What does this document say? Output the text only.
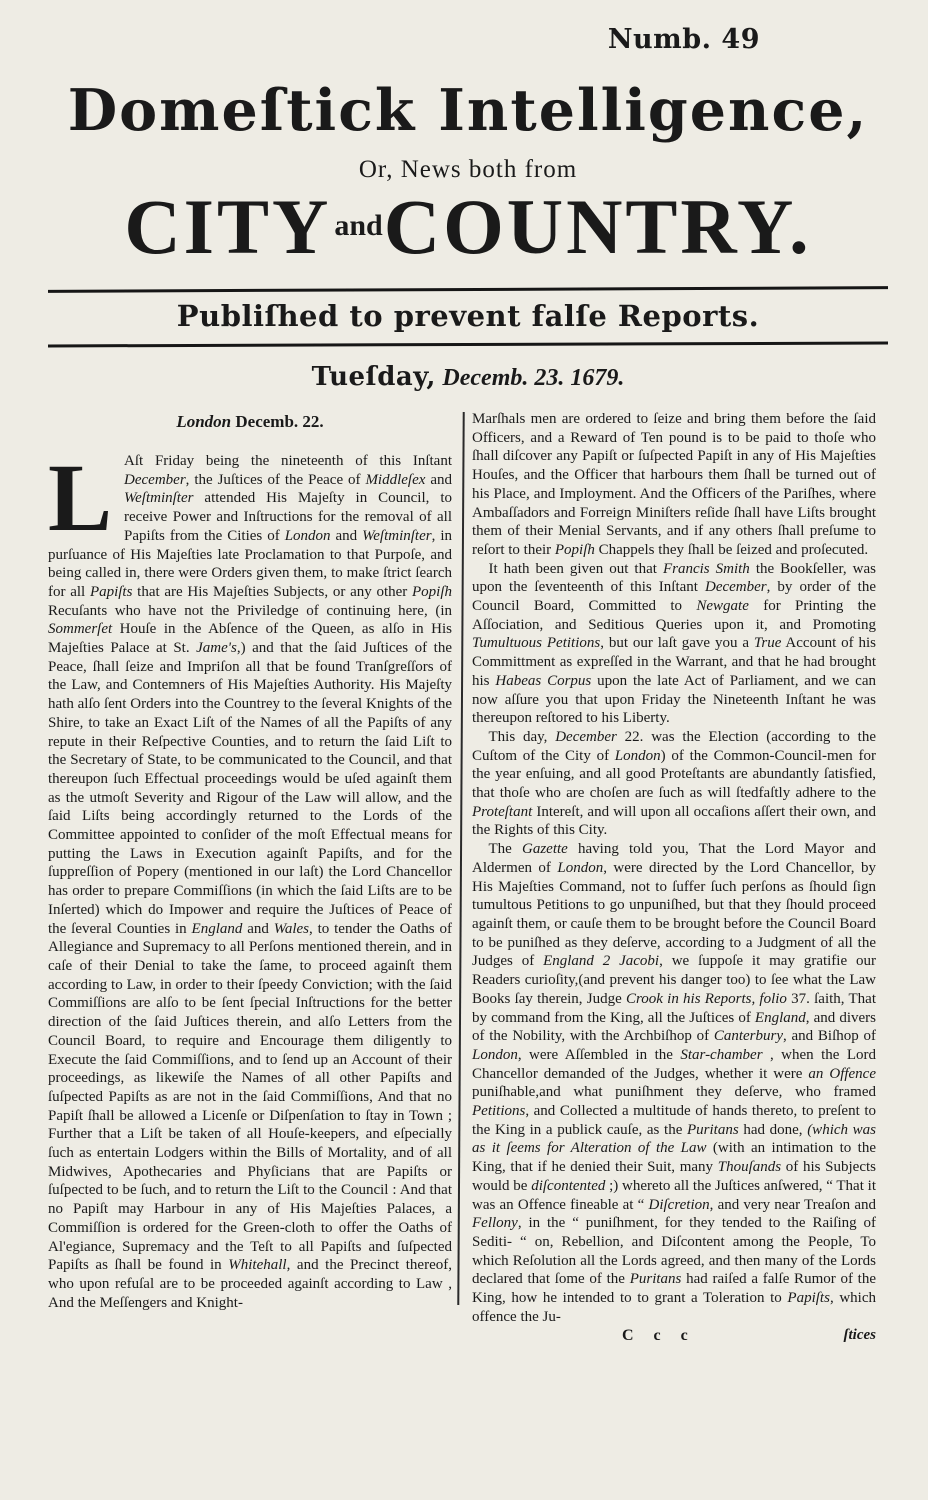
Numb. 49
Domeſtick Intelligence,
Or, News both from
CITY $^{and}$COUNTRY.
Publiſhed to prevent falſe Reports.
Tueſday, Decemb. 23. 1679.
London Decemb. 22.

L Aſt Friday being the nineteenth of this Inſtant December, the Juſtices of the Peace of Middleſex and Weſtminſter attended His Majeſty in Council, to receive Power and Inſtructions for the removal of all Papiſts from the Cities of London and Weſtminſter, in purſuance of His Majeſties late Proclamation to that Purpoſe, and being called in, there were Orders given them, to make ſtrict ſearch for all Papiſts that are His Majeſties Subjects, or any other Popiſh Recuſants who have not the Priviledge of continuing here, (in Sommerſet Houſe in the Abſence of the Queen, as alſo in His Majeſties Palace at St. Jame's,) and that the ſaid Juſtices of the Peace, ſhall ſeize and Impriſon all that be found Tranſgreſſors of the Law, and Contemners of His Majeſties Authority. His Majeſty hath alſo ſent Orders into the Countrey to the ſeveral Knights of the Shire, to take an Exact Liſt of the Names of all the Papiſts of any repute in their Reſpective Counties, and to return the ſaid Liſt to the Secretary of State, to be communicated to the Council, and that thereupon ſuch Effectual proceedings would be uſed againſt them as the utmoſt Severity and Rigour of the Law will allow, and the ſaid Liſts being accordingly returned to the Lords of the Committee appointed to conſider of the moſt Effectual means for putting the Laws in Execution againſt Papiſts, and for the ſuppreſſion of Popery (mentioned in our laſt) the Lord Chancellor has order to prepare Commiſſions (in which the ſaid Liſts are to be Inſerted) which do Impower and require the Juſtices of Peace of the ſeveral Counties in England and Wales, to tender the Oaths of Allegiance and Supremacy to all Perſons mentioned therein, and in caſe of their Denial to take the ſame, to proceed againſt them according to Law, in order to their ſpeedy Conviction; with the ſaid Commiſſions are alſo to be ſent ſpecial Inſtructions for the better direction of the ſaid Juſtices therein, and alſo Letters from the Council Board, to require and Encourage them diligently to Execute the ſaid Commiſſions, and to ſend up an Account of their proceedings, as likewiſe the Names of all other Papiſts and ſuſpected Papiſts as are not in the ſaid Commiſſions, And that no Papiſt ſhall be allowed a Licenſe or Diſpenſation to ſtay in Town ; Further that a Liſt be taken of all Houſe-keepers, and eſpecially ſuch as entertain Lodgers within the Bills of Mortality, and of all Midwives, Apothecaries and Phyſicians that are Papiſts or ſuſpected to be ſuch, and to return the Liſt to the Council : And that no Papiſt may Harbour in any of His Majeſties Palaces, a Commiſſion is ordered for the Green-cloth to offer the Oaths of Al'egiance, Supremacy and the Teſt to all Papiſts and ſuſpected Papiſts as ſhall be found in Whitehall, and the Precinct thereof, who upon refuſal are to be proceeded againſt according to Law , And the Meſſengers and Knight-

Marſhals men are ordered to ſeize and bring them before the ſaid Officers, and a Reward of Ten pound is to be paid to thoſe who ſhall diſcover any Papiſt or ſuſpected Papiſt in any of His Majeſties Houſes, and the Officer that harbours them ſhall be turned out of his Place, and Imployment. And the Officers of the Pariſhes, where Ambaſſadors and Forreign Miniſters reſide ſhall have Liſts brought them of their Menial Servants, and if any others ſhall preſume to reſort to their Popiſh Chappels they ſhall be ſeized and proſecuted.

It hath been given out that Francis Smith the Bookſeller, was upon the ſeventeenth of this Inſtant December, by order of the Council Board, Committed to Newgate for Printing the Aſſociation, and Seditious Queries upon it, and Promoting Tumultuous Petitions, but our laſt gave you a True Account of his Committment as expreſſed in the Warrant, and that he had brought his Habeas Corpus upon the late Act of Parliament, and we can now aſſure you that upon Friday the Nineteenth Inſtant he was thereupon reſtored to his Liberty.

This day, December 22. was the Election (according to the Cuſtom of the City of London) of the Common-Council-men for the year enſuing, and all good Proteſtants are abundantly ſatisfied, that thoſe who are choſen are ſuch as will ſtedfaſtly adhere to the Proteſtant Intereſt, and will upon all occaſions aſſert their own, and the Rights of this City.

The Gazette having told you, That the Lord Mayor and Aldermen of London, were directed by the Lord Chancellor, by His Majeſties Command, not to ſuffer ſuch perſons as ſhould ſign tumultous Petitions to go unpuniſhed, but that they ſhould proceed againſt them, or cauſe them to be brought before the Council Board to be puniſhed as they deſerve, according to a Judgment of all the Judges of England 2 Jacobi, we ſuppoſe it may gratifie our Readers curioſity,(and prevent his danger too) to ſee what the Law Books ſay therein, Judge Crook in his Reports, folio 37. ſaith, That by command from the King, all the Juſtices of England, and divers of the Nobility, with the Archbiſhop of Canterbury, and Biſhop of London, were Aſſembled in the Star-chamber , when the Lord Chancellor demanded of the Judges, whether it were an Offence puniſhable,and what puniſhment they deſerve, who framed Petitions, and Collected a multitude of hands thereto, to preſent to the King in a publick cauſe, as the Puritans had done, (which was as it ſeems for Alteration of the Law (with an intimation to the King, that if he denied their Suit, many Thouſands of his Subjects would be diſcontented ;) whereto all the Juſtices anſwered, “ That it was an Offence fineable at “ Diſcretion, and very near Treaſon and Fellony, in the “ puniſhment, for they tended to the Raiſing of Sediti- “ on, Rebellion, and Diſcontent among the People, To which Reſolution all the Lords agreed, and then many of the Lords declared that ſome of the Puritans had raiſed a falſe Rumor of the King, how he intended to to grant a Toleration to Papiſts, which offence the Ju-

C c c	ſtices
